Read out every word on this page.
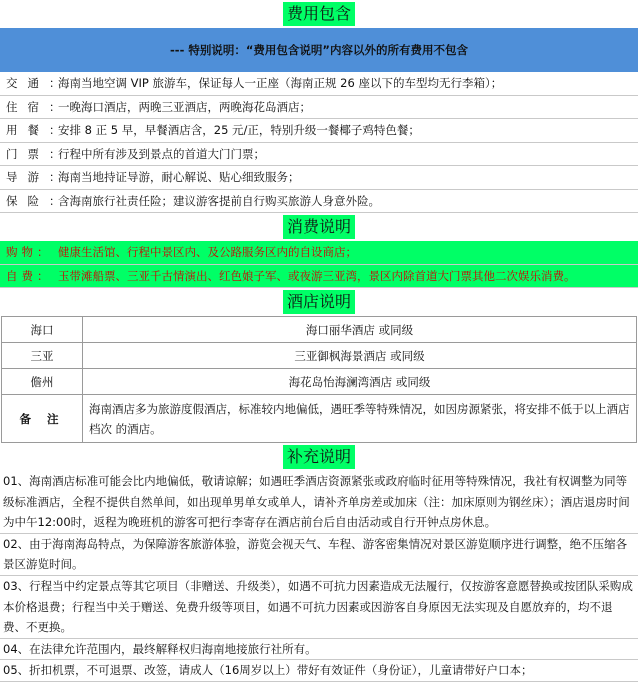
费用包含
--- 特别说明：“费用包含说明”内容以外的所有费用不包含
交通：海南当地空调 VIP 旅游车，保证每人一正座（海南正规 26 座以下的车型均无行李箱）；
住宿：一晚海口酒店，两晚三亚酒店，两晚海花岛酒店；
用餐：安排 8 正 5 早，早餐酒店含，25 元/正，特别升级一餐椰子鸡特色餐；
门票：行程中所有涉及到景点的首道大门门票；
导游：海南当地持证导游，耐心解说、贴心细致服务；
保险：含海南旅行社责任险；建议游客提前自行购买旅游人身意外险。
消费说明
购物： 健康生活馆、行程中景区内、及公路服务区内的自设商店；
自费： 玉带滩船票、三亚千古情演出、红色娘子军、或夜游三亚湾，景区内除首道大门票其他二次娱乐消费。
酒店说明
海口	海口丽华酒店 或同级
三亚	三亚御枫海景酒店 或同级
儋州	海花岛怡海澜湾酒店 或同级
备 注	海南酒店多为旅游度假酒店，标准较内地偏低，遇旺季等特殊情况，如因房源紧张，将安排不低于以上酒店档次 的酒店。
补充说明

01、海南酒店标准可能会比内地偏低，敬请谅解；如遇旺季酒店资源紧张或政府临时征用等特殊情况，我社有权调整为同等级标准酒店，全程不提供自然单间，如出现单男单女或单人，请补齐单房差或加床（注：加床原则为钢丝床）；酒店退房时间为中午12:00时，返程为晚班机的游客可把行李寄存在酒店前台后自由活动或自行开钟点房休息。

02、由于海南海岛特点，为保障游客旅游体验，游览会视天气、车程、游客密集情况对景区游览顺序进行调整，绝不压缩各景区游览时间。

03、行程当中约定景点等其它项目（非赠送、升级类），如遇不可抗力因素造成无法履行，仅按游客意愿替换或按团队采购成本价格退费；行程当中关于赠送、免费升级等项目，如遇不可抗力因素或因游客自身原因无法实现及自愿放弃的，均不退费、不更换。

04、在法律允许范围内，最终解释权归海南地接旅行社所有。

05、折扣机票，不可退票、改签，请成人（16周岁以上）带好有效证件（身份证），儿童请带好户口本；
